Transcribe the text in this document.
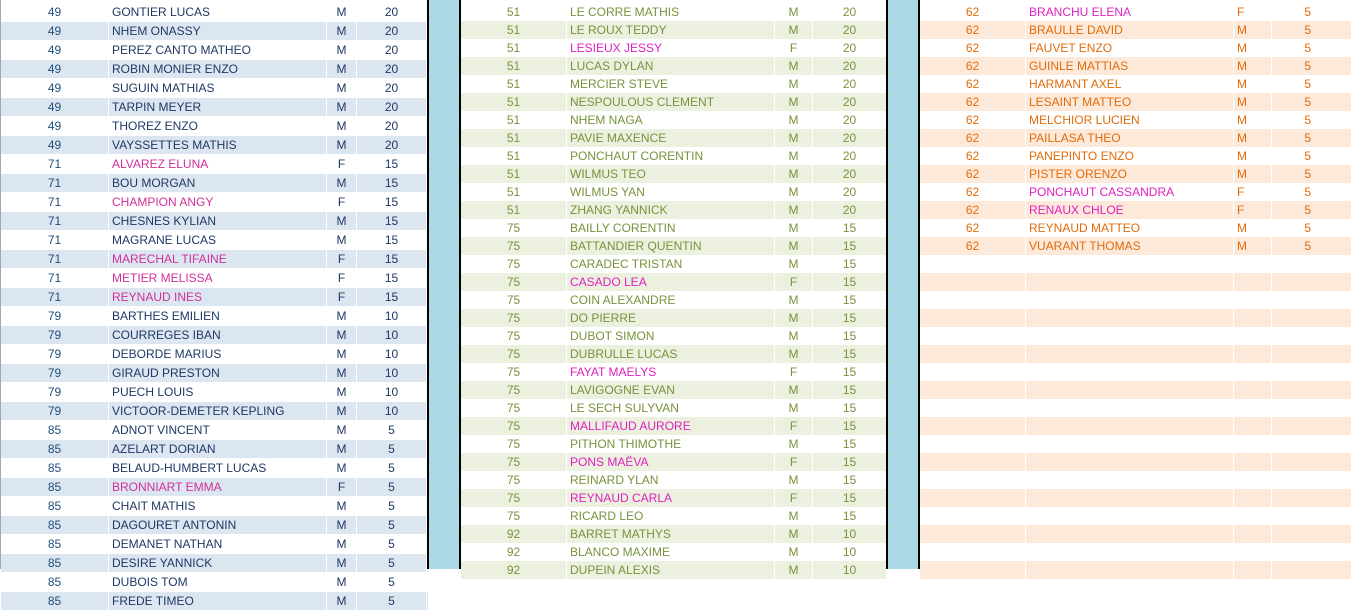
49	GONTIER LUCAS	M	20
49	NHEM ONASSY	M	20
49	PEREZ CANTO MATHEO	M	20
49	ROBIN MONIER ENZO	M	20
49	SUGUIN MATHIAS	M	20
49	TARPIN MEYER	M	20
49	THOREZ ENZO	M	20
49	VAYSSETTES MATHIS	M	20
71	ALVAREZ ELUNA	F	15
71	BOU MORGAN	M	15
71	CHAMPION ANGY	F	15
71	CHESNES KYLIAN	M	15
71	MAGRANE LUCAS	M	15
71	MARECHAL TIFAINE	F	15
71	METIER MELISSA	F	15
71	REYNAUD INES	F	15
79	BARTHES EMILIEN	M	10
79	COURREGES IBAN	M	10
79	DEBORDE MARIUS	M	10
79	GIRAUD PRESTON	M	10
79	PUECH LOUIS	M	10
79	VICTOOR-DEMETER KEPLING	M	10
85	ADNOT VINCENT	M	5
85	AZELART DORIAN	M	5
85	BELAUD-HUMBERT LUCAS	M	5
85	BRONNIART EMMA	F	5
85	CHAIT MATHIS	M	5
85	DAGOURET ANTONIN	M	5
85	DEMANET NATHAN	M	5
85	DESIRE YANNICK	M	5
85	DUBOIS TOM	M	5
85	FREDE TIMEO	M	5
51	LE CORRE MATHIS	M	20
51	LE ROUX TEDDY	M	20
51	LESIEUX JESSY	F	20
51	LUCAS DYLAN	M	20
51	MERCIER STEVE	M	20
51	NESPOULOUS CLEMENT	M	20
51	NHEM NAGA	M	20
51	PAVIE MAXENCE	M	20
51	PONCHAUT CORENTIN	M	20
51	WILMUS TEO	M	20
51	WILMUS YAN	M	20
51	ZHANG YANNICK	M	20
75	BAILLY CORENTIN	M	15
75	BATTANDIER QUENTIN	M	15
75	CARADEC TRISTAN	M	15
75	CASADO LEA	F	15
75	COIN ALEXANDRE	M	15
75	DO PIERRE	M	15
75	DUBOT SIMON	M	15
75	DUBRULLE LUCAS	M	15
75	FAYAT MAELYS	F	15
75	LAVIGOGNE EVAN	M	15
75	LE SECH SULYVAN	M	15
75	MALLIFAUD AURORE	F	15
75	PITHON THIMOTHE	M	15
75	PONS MAËVA	F	15
75	REINARD YLAN	M	15
75	REYNAUD CARLA	F	15
75	RICARD LEO	M	15
92	BARRET MATHYS	M	10
92	BLANCO MAXIME	M	10
92	DUPEIN ALEXIS	M	10
62	BRANCHU ELENA	F	5
62	BRAULLE DAVID	M	5
62	FAUVET ENZO	M	5
62	GUINLE MATTIAS	M	5
62	HARMANT AXEL	M	5
62	LESAINT MATTEO	M	5
62	MELCHIOR LUCIEN	M	5
62	PAILLASA THEO	M	5
62	PANEPINTO ENZO	M	5
62	PISTER ORENZO	M	5
62	PONCHAUT CASSANDRA	F	5
62	RENAUX CHLOE	F	5
62	REYNAUD MATTEO	M	5
62	VUARANT THOMAS	M	5
